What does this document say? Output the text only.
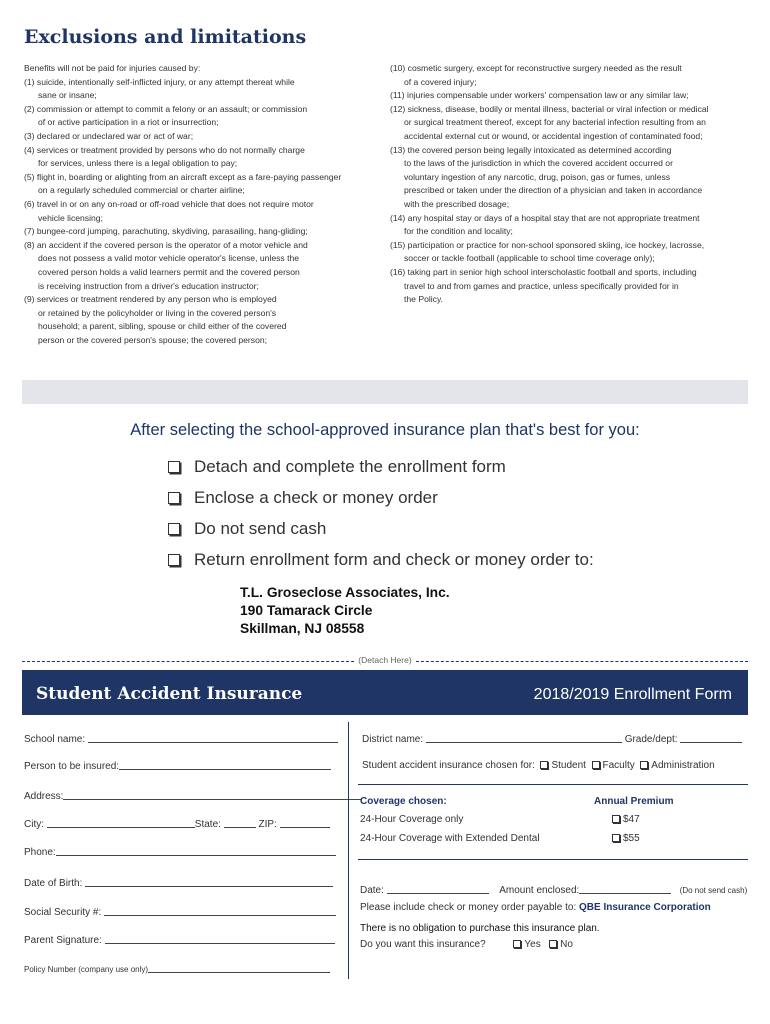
Exclusions and limitations
Benefits will not be paid for injuries caused by:
(1) suicide, intentionally self-inflicted injury, or any attempt thereat while
sane or insane;
(2) commission or attempt to commit a felony or an assault; or commission
of or active participation in a riot or insurrection;
(3) declared or undeclared war or act of war;
(4) services or treatment provided by persons who do not normally charge
for services, unless there is a legal obligation to pay;
(5) flight in, boarding or alighting from an aircraft except as a fare-paying passenger
on a regularly scheduled commercial or charter airline;
(6) travel in or on any on-road or off-road vehicle that does not require motor
vehicle licensing;
(7) bungee-cord jumping, parachuting, skydiving, parasailing, hang-gliding;
(8) an accident if the covered person is the operator of a motor vehicle and
does not possess a valid motor vehicle operator's license, unless the
covered person holds a valid learners permit and the covered person
is receiving instruction from a driver's education instructor;
(9) services or treatment rendered by any person who is employed
or retained by the policyholder or living in the covered person's
household; a parent, sibling, spouse or child either of the covered
person or the covered person's spouse; the covered person;
(10) cosmetic surgery, except for reconstructive surgery needed as the result
of a covered injury;
(11) injuries compensable under workers' compensation law or any similar law;
(12) sickness, disease, bodily or mental illness, bacterial or viral infection or medical
or surgical treatment thereof, except for any bacterial infection resulting from an
accidental external cut or wound, or accidental ingestion of contaminated food;
(13) the covered person being legally intoxicated as determined according
to the laws of the jurisdiction in which the covered accident occurred or
voluntary ingestion of any narcotic, drug, poison, gas or fumes, unless
prescribed or taken under the direction of a physician and taken in accordance
with the prescribed dosage;
(14) any hospital stay or days of a hospital stay that are not appropriate treatment
for the condition and locality;
(15) participation or practice for non-school sponsored skiing, ice hockey, lacrosse,
soccer or tackle football (applicable to school time coverage only);
(16) taking part in senior high school interscholastic football and sports, including
travel to and from games and practice, unless specifically provided for in
the Policy.
After selecting the school-approved insurance plan that's best for you:
Detach and complete the enrollment form
Enclose a check or money order
Do not send cash
Return enrollment form and check or money order to:
T.L. Groseclose Associates, Inc.
190 Tamarack Circle
Skillman, NJ 08558
(Detach Here)
Student Accident Insurance	2018/2019 Enrollment Form
School name:
Person to be insured:
Address:
City:	State:	ZIP:
Phone:
Date of Birth:
Social Security #:
Parent Signature:
Policy Number (company use only)
District name:	Grade/dept:
Student accident insurance chosen for: Student Faculty Administration
Coverage chosen:	Annual Premium
24-Hour Coverage only	$47
24-Hour Coverage with Extended Dental	$55
Date:	Amount enclosed:	(Do not send cash)
Please include check or money order payable to: QBE Insurance Corporation
There is no obligation to purchase this insurance plan.
Do you want this insurance?	Yes No
